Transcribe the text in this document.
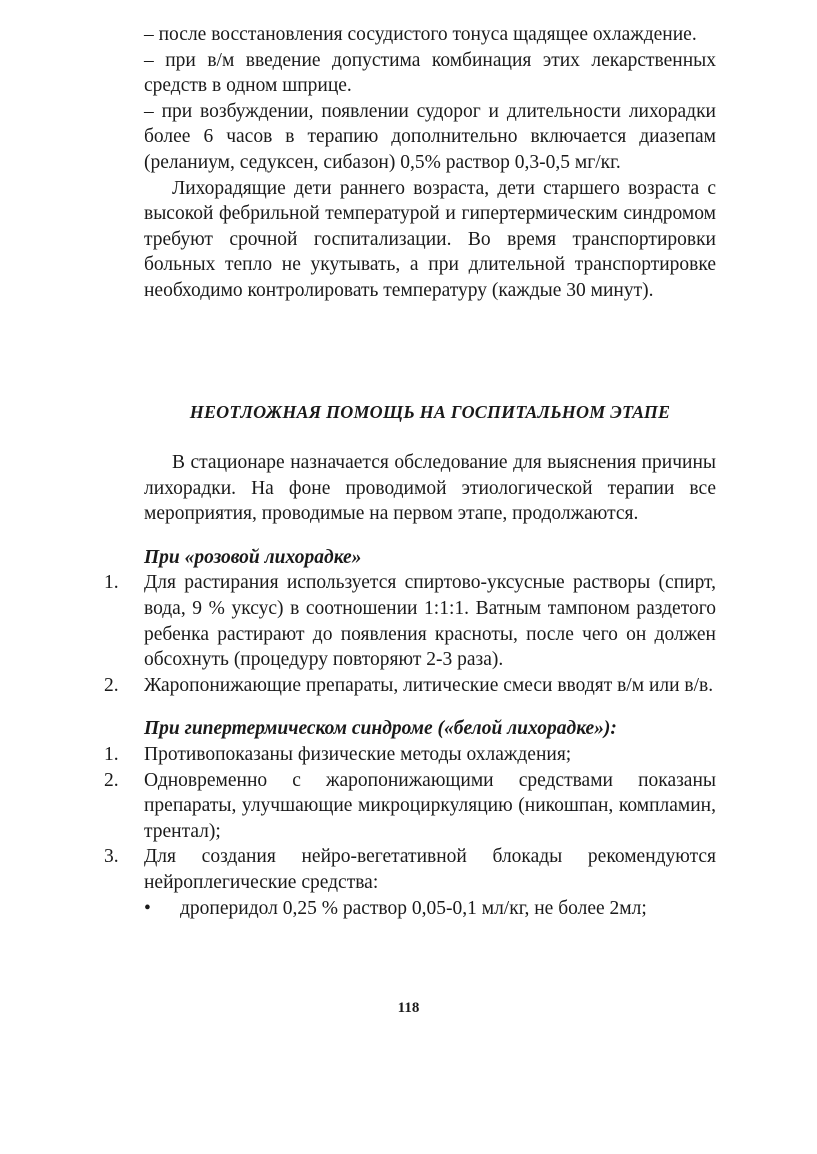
– после восстановления сосудистого тонуса щадящее охлаждение.

– при в/м введение допустима комбинация этих лекарственных средств в одном шприце.

– при возбуждении, появлении судорог и длительности лихорадки более 6 часов в терапию дополнительно включается диазепам (реланиум, седуксен, сибазон) 0,5% раствор 0,3-0,5 мг/кг.

Лихорадящие дети раннего возраста, дети старшего возраста с высокой фебрильной температурой и гипертермическим синдромом требуют срочной госпитализации. Во время транспортировки больных тепло не укутывать, а при длительной транспортировке необходимо контролировать температуру (каждые 30 минут).

НЕОТЛОЖНАЯ ПОМОЩЬ НА ГОСПИТАЛЬНОМ ЭТАПЕ

В стационаре назначается обследование для выяснения причины лихорадки. На фоне проводимой этиологической терапии все мероприятия, проводимые на первом этапе, продолжаются.

При «розовой лихорадке»

1.	Для растирания используется спиртово-уксусные растворы (спирт, вода, 9 % уксус) в соотношении 1:1:1. Ватным тампоном раздетого ребенка растирают до появления красноты, после чего он должен обсохнуть (процедуру повторяют 2-3 раза).
2.	Жаропонижающие препараты, литические смеси вводят в/м или в/в.

При гипертермическом синдроме («белой лихорадке»):

1.	Противопоказаны физические методы охлаждения;
2.	Одновременно с жаропонижающими средствами показаны препараты, улучшающие микроциркуляцию (никошпан, компламин, трентал);
3.	Для создания нейро-вегетативной блокады рекомендуются нейроплегические средства:
• дроперидол 0,25 % раствор 0,05-0,1 мл/кг, не более 2мл;
118
